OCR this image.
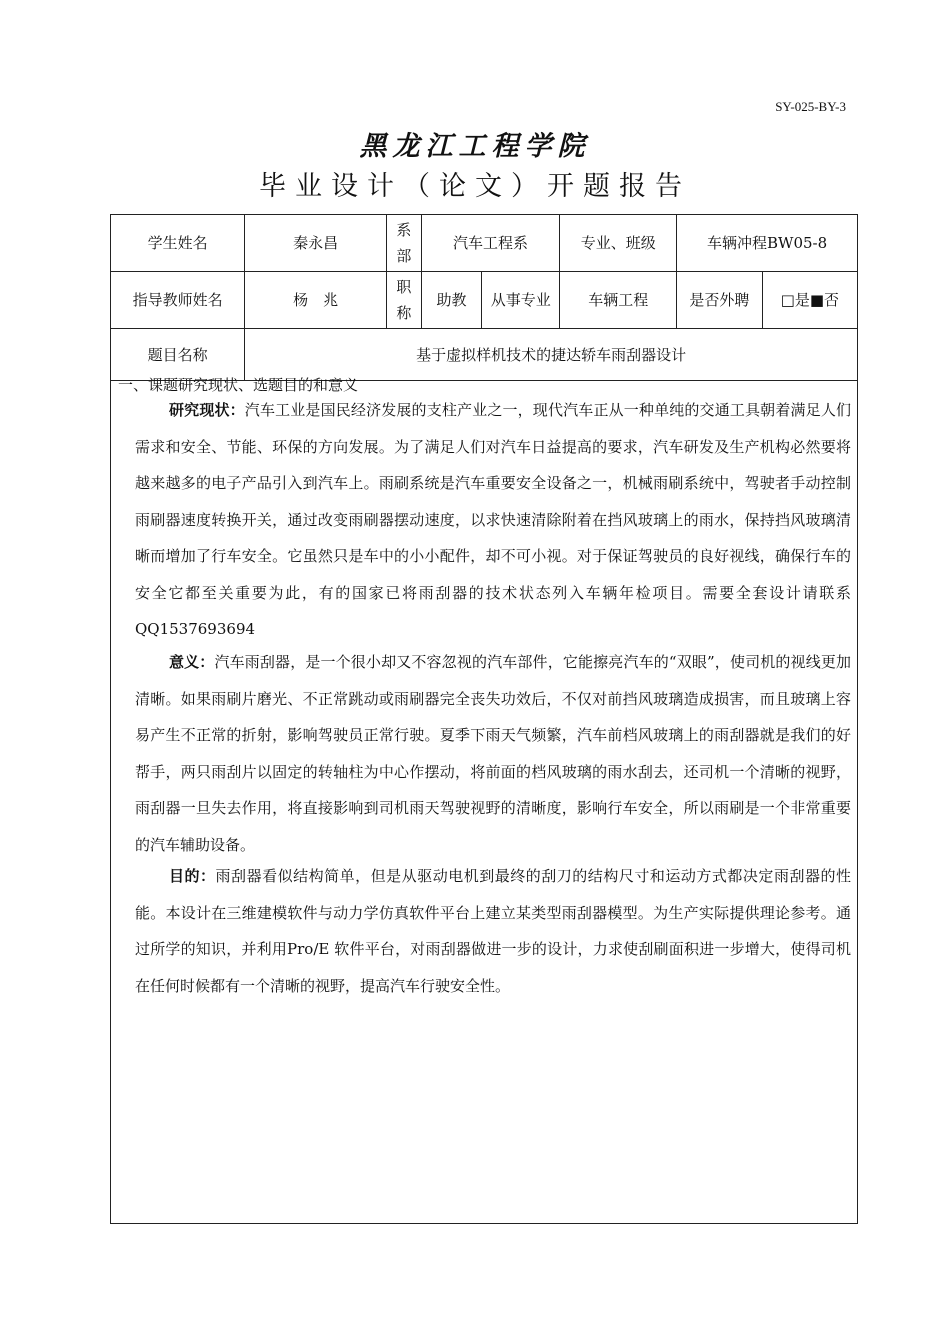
SY-025-BY-3
黑龙江工程学院
毕业设计（论文）开题报告
学生姓名	秦永昌	系部	汽车工程系		专业、班级	车辆冲程BW05-8	
指导教师姓名	杨　兆	职称	助教	从事专业	车辆工程	是否外聘	□是■否
题目名称	基于虚拟样机技术的捷达轿车雨刮器设计						
一、课题研究现状、选题目的和意义

研究现状：汽车工业是国民经济发展的支柱产业之一，现代汽车正从一种单纯的交通工具朝着满足人们需求和安全、节能、环保的方向发展。为了满足人们对汽车日益提高的要求，汽车研发及生产机构必然要将越来越多的电子产品引入到汽车上。雨刷系统是汽车重要安全设备之一，机械雨刷系统中，驾驶者手动控制雨刷器速度转换开关，通过改变雨刷器摆动速度，以求快速清除附着在挡风玻璃上的雨水，保持挡风玻璃清晰而增加了行车安全。它虽然只是车中的小小配件，却不可小视。对于保证驾驶员的良好视线，确保行车的安全它都至关重要为此，有的国家已将雨刮器的技术状态列入车辆年检项目。需要全套设计请联系QQ1537693694

意义：汽车雨刮器，是一个很小却又不容忽视的汽车部件，它能擦亮汽车的“双眼”，使司机的视线更加清晰。如果雨刷片磨光、不正常跳动或雨刷器完全丧失功效后，不仅对前挡风玻璃造成损害，而且玻璃上容易产生不正常的折射，影响驾驶员正常行驶。夏季下雨天气频繁，汽车前档风玻璃上的雨刮器就是我们的好帮手，两只雨刮片以固定的转轴柱为中心作摆动，将前面的档风玻璃的雨水刮去，还司机一个清晰的视野，雨刮器一旦失去作用，将直接影响到司机雨天驾驶视野的清晰度，影响行车安全，所以雨刷是一个非常重要的汽车辅助设备。

目的：雨刮器看似结构简单，但是从驱动电机到最终的刮刀的结构尺寸和运动方式都决定雨刮器的性能。本设计在三维建模软件与动力学仿真软件平台上建立某类型雨刮器模型。为生产实际提供理论参考。通过所学的知识，并利用Pro/E 软件平台，对雨刮器做进一步的设计，力求使刮刷面积进一步增大，使得司机在任何时候都有一个清晰的视野，提高汽车行驶安全性。
